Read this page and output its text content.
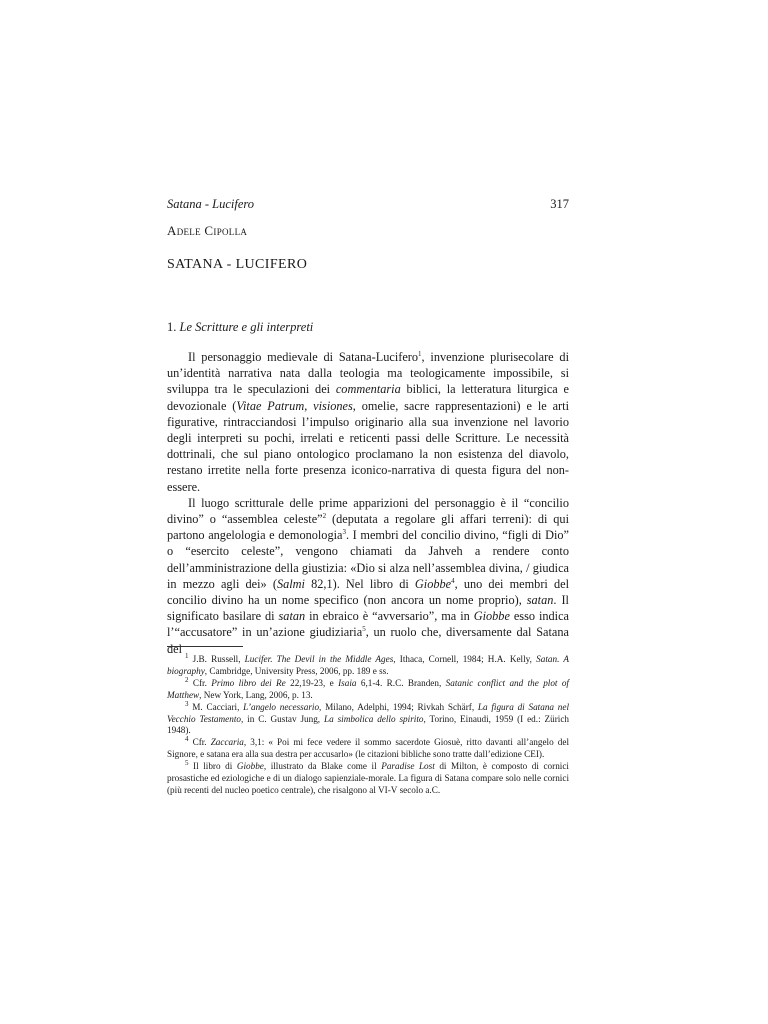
Satana - Lucifero	317
Adele Cipolla
SATANA - LUCIFERO
1. Le Scritture e gli interpreti

Il personaggio medievale di Satana-Lucifero$^1$, invenzione plurisecolare di un’identità narrativa nata dalla teologia ma teologicamente impossibile, si sviluppa tra le speculazioni dei commentaria biblici, la letteratura liturgica e devozionale (Vitae Patrum, visiones, omelie, sacre rappresentazioni) e le arti figurative, rintracciandosi l’impulso originario alla sua invenzione nel lavorio degli interpreti su pochi, irrelati e reticenti passi delle Scritture. Le necessità dottrinali, che sul piano ontologico proclamano la non esistenza del diavolo, restano irretite nella forte presenza iconico-narrativa di questa figura del non-essere.

Il luogo scritturale delle prime apparizioni del personaggio è il “concilio divino” o “assemblea celeste”$^2$ (deputata a regolare gli affari terreni): di qui partono angelologia e demonologia$^3$. I membri del concilio divino, “figli di Dio” o “esercito celeste”, vengono chiamati da Jahveh a rendere conto dell’amministrazione della giustizia: «Dio si alza nell’assemblea divina, / giudica in mezzo agli dei» (Salmi 82,1). Nel libro di Giobbe$^4$, uno dei membri del concilio divino ha un nome specifico (non ancora un nome proprio), satan. Il significato basilare di satan in ebraico è “avversario”, ma in Giobbe esso indica l’“accusatore” in un’azione giudiziaria$^5$, un ruolo che, diversamente dal Satana del

$^1$ J.B. Russell, Lucifer. The Devil in the Middle Ages, Ithaca, Cornell, 1984; H.A. Kelly, Satan. A biography, Cambridge, University Press, 2006, pp. 189 e ss.

$^2$ Cfr. Primo libro dei Re 22,19-23, e Isaia 6,1-4. R.C. Branden, Satanic conflict and the plot of Matthew, New York, Lang, 2006, p. 13.

$^3$ M. Cacciari, L’angelo necessario, Milano, Adelphi, 1994; Rivkah Schärf, La figura di Satana nel Vecchio Testamento, in C. Gustav Jung, La simbolica dello spirito, Torino, Einaudi, 1959 (I ed.: Zürich 1948).

$^4$ Cfr. Zaccaria, 3,1: « Poi mi fece vedere il sommo sacerdote Giosuè, ritto davanti all’angelo del Signore, e satana era alla sua destra per accusarlo» (le citazioni bibliche sono tratte dall’edizione CEI).

$^5$ Il libro di Giobbe, illustrato da Blake come il Paradise Lost di Milton, è composto di cornici prosastiche ed eziologiche e di un dialogo sapienziale-morale. La figura di Satana compare solo nelle cornici (più recenti del nucleo poetico centrale), che risalgono al VI-V secolo a.C.
